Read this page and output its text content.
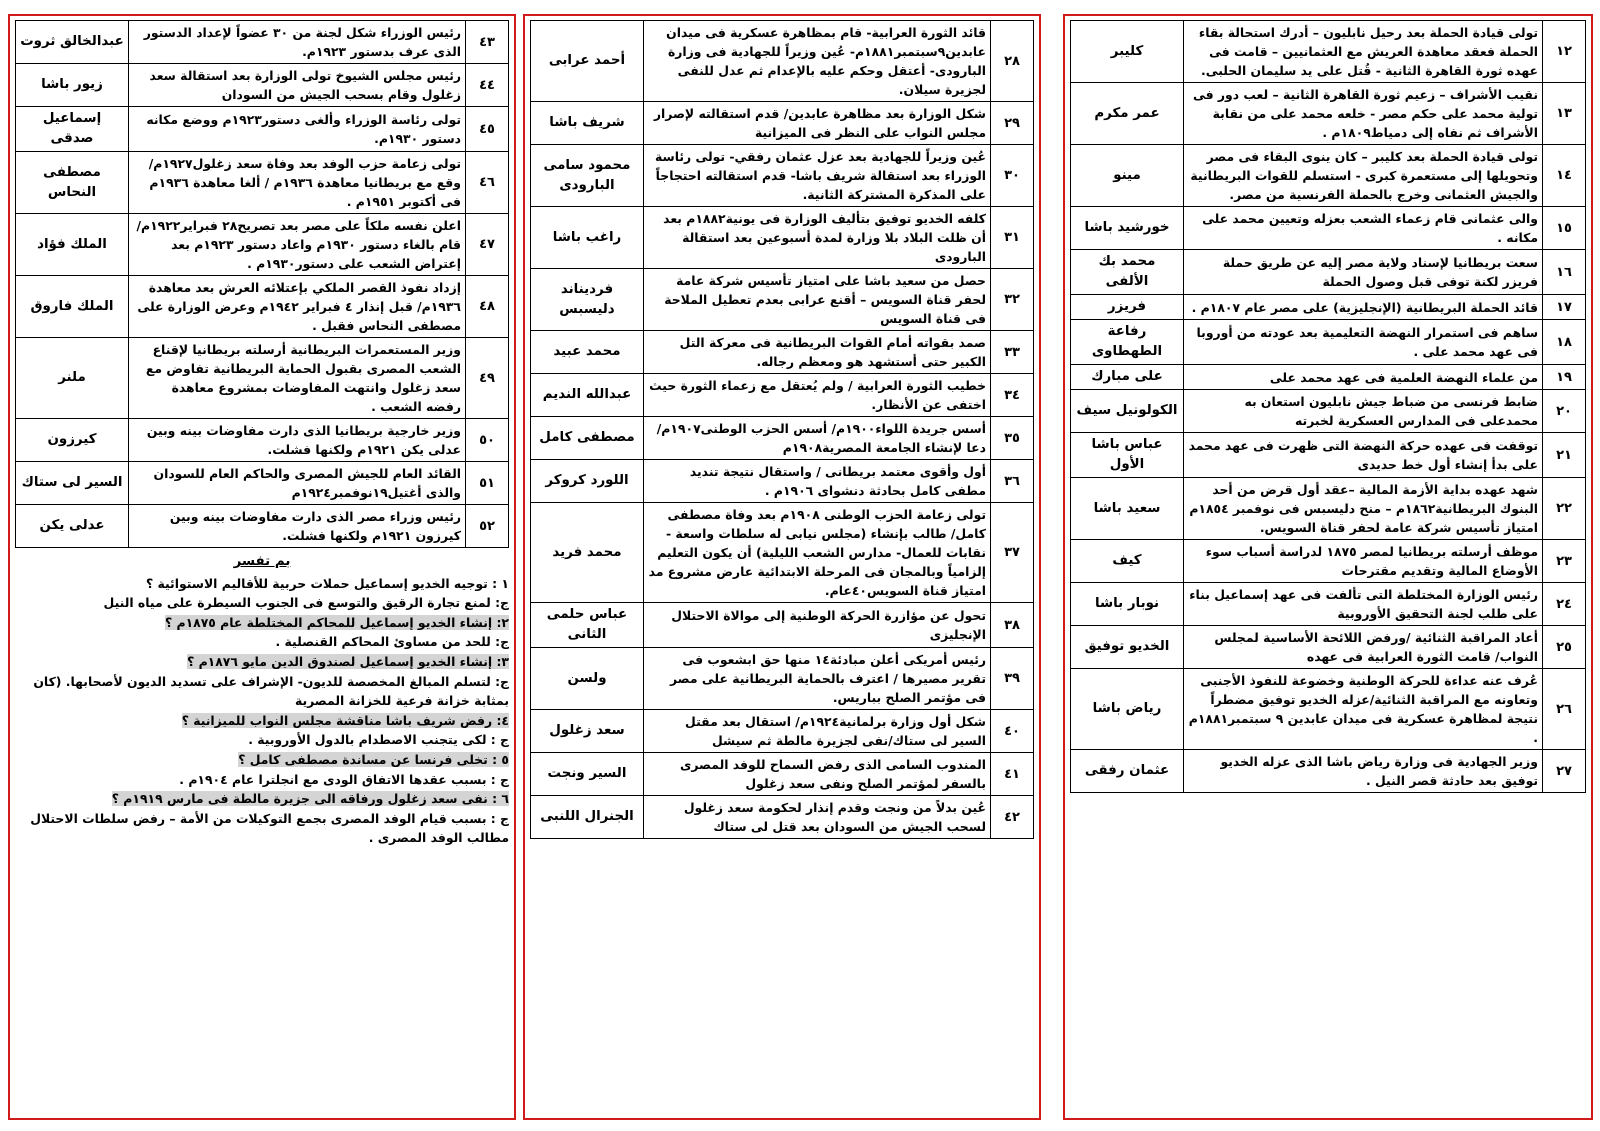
١٢	تولى قيادة الحملة بعد رحيل نابليون – أدرك استحالة بقاء الحملة فعقد معاهدة العريش مع العثمانيين – قامت فى عهده ثورة القاهرة الثانية - قُتل على يد سليمان الحلبى.	كليبر
١٣	نقيب الأشراف – زعيم ثورة القاهرة الثانية – لعب دور فى تولية محمد على حكم مصر - خلعه محمد على من نقابة الأشراف ثم نفاه إلى دمياط١٨٠٩م .	عمر مكرم
١٤	تولى قيادة الحملة بعد كليبر – كان ينوى البقاء فى مصر وتحويلها إلى مستعمرة كبرى - استسلم للقوات البريطانية والجيش العثمانى وخرج بالحملة الفرنسية من مصر.	مينو
١٥	والى عثمانى قام زعماء الشعب بعزله وتعيين محمد على مكانه .	خورشيد باشا
١٦	سعت بريطانيا لإسناد ولاية مصر إليه عن طريق حملة فريزر لكنة توفى قبل وصول الحملة	محمد بك الألفى
١٧	قائد الحملة البريطانية (الإنجليزية) على مصر عام ١٨٠٧م .	فريزر
١٨	ساهم فى استمرار النهضة التعليمية بعد عودته من أوروبا فى عهد محمد على .	رفاعة الطهطاوى
١٩	من علماء النهضة العلمية فى عهد محمد على	على مبارك
٢٠	ضابط فرنسى من ضباط جيش نابليون استعان به محمدعلى فى المدارس العسكرية لخبرته	الكولونيل سيف
٢١	توقفت فى عهده حركة النهضة التى ظهرت فى عهد محمد على بدأ إنشاء أول خط حديدى	عباس باشا الأول
٢٢	شهد عهده بداية الأزمة المالية –عقد أول قرض من أحد البنوك البريطانية١٨٦٢م – منح دليسبس فى نوفمبر ١٨٥٤م امتياز تأسيس شركة عامة لحفر قناة السويس.	سعيد باشا
٢٣	موظف أرسلته بريطانيا لمصر ١٨٧٥ لدراسة أسباب سوء الأوضاع المالية وتقديم مقترحات	كيف
٢٤	رئيس الوزارة المختلطة التى تألفت فى عهد إسماعيل بناء على طلب لجنة التحقيق الأوروبية	نوبار باشا
٢٥	أعاد المراقبة الثنائية /ورفض اللائحة الأساسية لمجلس النواب/ قامت الثورة العرابية فى عهده	الخديو توفيق
٢٦	عُرف عنه عداءة للحركة الوطنية وخضوعة للنفوذ الأجنبى وتعاونه مع المراقبة الثنائية/عزله الخديو توفيق مضطراً نتيجة لمظاهرة عسكرية فى ميدان عابدين ٩ سبتمبر١٨٨١م .	رياض باشا
٢٧	وزير الجهادية فى وزارة رياض باشا الذى عزله الخديو توفيق بعد حادثة قصر النيل .	عثمان رفقى
٢٨	قائد الثورة العرابية- قام بمظاهرة عسكرية فى ميدان عابدين٩سبتمبر١٨٨١م- عُين وزيراً للجهادية فى وزارة البارودى- أعتقل وحكم عليه بالإعدام ثم عدل للنفى لجزيرة سيلان.	أحمد عرابى
٢٩	شكل الوزارة بعد مظاهرة عابدين/ قدم استقالته لإصرار مجلس النواب على النظر فى الميزانية	شريف باشا
٣٠	عُين وزيراً للجهادية بعد عزل عثمان رفقي- تولى رئاسة الوزراء بعد استقالة شريف باشا- قدم استقالته احتجاجاً على المذكرة المشتركة الثانية.	محمود سامى البارودى
٣١	كلفه الخديو توفيق بتأليف الوزارة فى يونية١٨٨٢م بعد أن ظلت البلاد بلا وزارة لمدة أسبوعين بعد استقالة البارودى	راغب باشا
٣٢	حصل من سعيد باشا على امتياز تأسيس شركة عامة لحفر قناة السويس – أقنع عرابى بعدم تعطيل الملاحة فى قناة السويس	فرديناند دليسبس
٣٣	صمد بقواته أمام القوات البريطانية فى معركة التل الكبير حتى أستشهد هو ومعظم رجاله.	محمد عبيد
٣٤	خطيب الثورة العرابية / ولم يُعتقل مع زعماء الثورة حيث اختفى عن الأنظار.	عبدالله النديم
٣٥	أسس جريدة اللواء١٩٠٠م/ أسس الحزب الوطنى١٩٠٧م/ دعا لإنشاء الجامعة المصرية١٩٠٨م	مصطفى كامل
٣٦	أول وأقوى معتمد بريطانى / واستقال نتيجة تنديد مطفى كامل بحادثة دنشواى ١٩٠٦م .	اللورد كروكر
٣٧	تولى زعامة الحزب الوطنى ١٩٠٨م بعد وفاة مصطفى كامل/ طالب بإنشاء (مجلس نيابى له سلطات واسعة - نقابات للعمال- مدارس الشعب الليلية) أن يكون التعليم إلزامياً وبالمجان فى المرحلة الابتدائية عارض مشروع مد امتياز قناة السويس٤٠عام.	محمد فريد
٣٨	تحول عن مؤازرة الحركة الوطنية إلى موالاة الاحتلال الإنجليزى	عباس حلمى الثانى
٣٩	رئيس أمريكى أعلن مبادئة١٤ منها حق ابشعوب فى تقرير مصيرها / اعترف بالحماية البريطانية على مصر فى مؤتمر الصلح بباريس.	ولسن
٤٠	شكل أول وزارة برلمانية١٩٢٤م/ استقال بعد مقتل السير لى ستاك/نفى لجزيرة مالطة ثم سيشل	سعد زغلول
٤١	المندوب السامى الذى رفض السماح للوفد المصرى بالسفر لمؤتمر الصلح ونفى سعد زغلول	السير ونجت
٤٢	عُين بدلاً من ونجت وقدم إنذار لحكومة سعد زغلول لسحب الجيش من السودان بعد قتل لى ستاك	الجنرال اللنبى
٤٣	رئيس الوزراء شكل لجنة من ٣٠ عضواً لإعداد الدستور الذى عرف بدستور ١٩٢٣م.	عبدالخالق ثروت
٤٤	رئيس مجلس الشيوخ تولى الوزارة بعد استقالة سعد زغلول وقام بسحب الجيش من السودان	زيور باشا
٤٥	تولى رئاسة الوزراء وألغى دستور١٩٢٣م ووضع مكانه دستور ١٩٣٠م.	إسماعيل صدقى
٤٦	تولى زعامة حزب الوفد بعد وفاة سعد زغلول١٩٢٧م/ وقع مع بريطانيا معاهدة ١٩٣٦م / ألغا معاهدة ١٩٣٦م فى أكتوبر ١٩٥١م .	مصطفى النحاس
٤٧	اعلن نفسه ملكاً على مصر بعد تصريح٢٨ فبراير١٩٢٢م/ قام بالغاء دستور ١٩٣٠م واعاد دستور ١٩٢٣م بعد إعتراض الشعب على دستور١٩٣٠م .	الملك فؤاد
٤٨	إزداد نفوذ القصر الملكي بإعتلائه العرش بعد معاهدة ١٩٣٦م/ قبل إنذار ٤ فبراير ١٩٤٢م وعرض الوزارة على مصطفى النحاس فقبل .	الملك فاروق
٤٩	وزير المستعمرات البريطانية أرسلته بريطانيا لإقناع الشعب المصرى بقبول الحماية البريطانية تفاوض مع سعد زغلول وانتهت المفاوضات بمشروع معاهدة رفضه الشعب .	ملنر
٥٠	وزير خارجية بريطانيا الذى دارت مفاوضات بينه وبين عدلى يكن ١٩٢١م ولكنها فشلت.	كيرزون
٥١	القائد العام للجيش المصرى والحاكم العام للسودان والذى أغتيل١٩نوفمبر١٩٢٤م	السير لى ستاك
٥٢	رئيس وزراء مصر الذى دارت مفاوضات بينه وبين كيرزون ١٩٢١م ولكنها فشلت.	عدلى يكن
بم تفسر
١ : توجيه الخديو إسماعيل حملات حربية للأقاليم الاستوائية ؟
ج: لمنع تجارة الرقيق والتوسع فى الجنوب السيطرة على مياه النيل
٢: إنشاء الخديو إسماعيل للمحاكم المختلطة عام ١٨٧٥م ؟
ج: للحد من مساوئ المحاكم القنصلية .
٣: إنشاء الخديو إسماعيل لصندوق الدين مايو ١٨٧٦م ؟
ج: لتسلم المبالغ المخصصة للديون- الإشراف على تسديد الديون لأصحابها. (كان بمثابة خزانة فرعية للخزانة المصرية
٤: رفض شريف باشا مناقشة مجلس النواب للميزانية ؟
ج : لكى يتجنب الاصطدام بالدول الأوروبية .
٥ : تخلى فرنسا عن مساندة مصطفى كامل ؟
ج : بسبب عقدها الاتفاق الودى مع انجلترا عام ١٩٠٤م .
٦ : نفى سعد زغلول ورفاقه الى جزيرة مالطة فى مارس ١٩١٩م ؟
ج : بسبب قيام الوفد المصرى بجمع التوكيلات من الأمة – رفض سلطات الاحتلال مطالب الوفد المصرى .
